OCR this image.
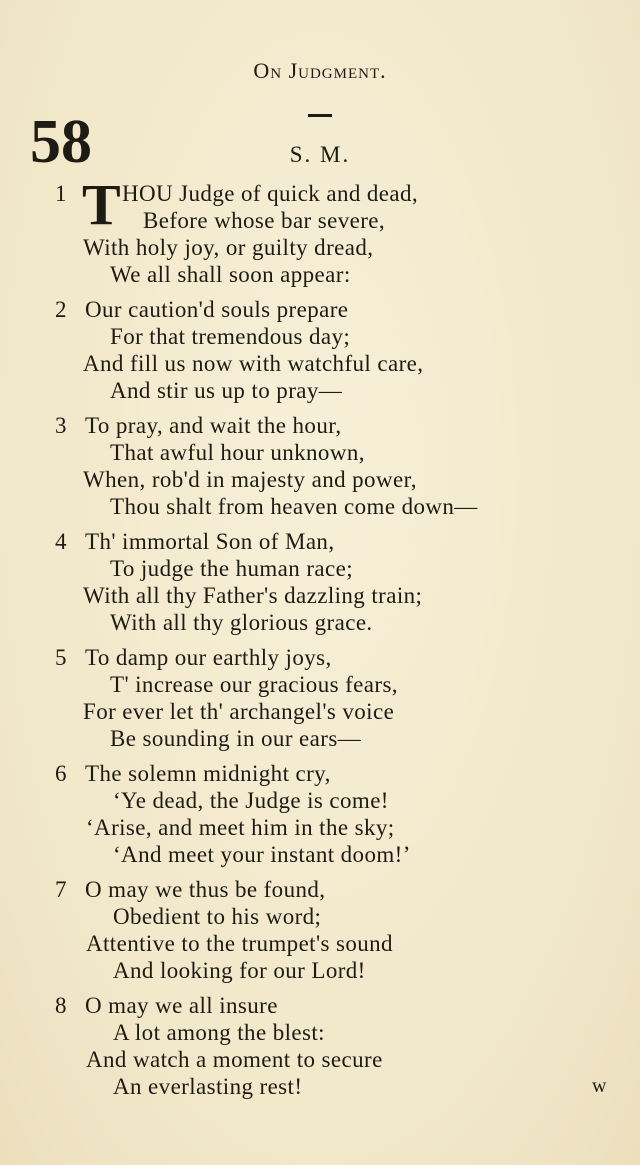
On Judgment.
58	S. M.
T
1 HOU Judge of quick and dead,
Before whose bar severe,
With holy joy, or guilty dread,
We all shall soon appear:
2 Our caution'd souls prepare
For that tremendous day;
And fill us now with watchful care,
And stir us up to pray—
3 To pray, and wait the hour,
That awful hour unknown,
When, rob'd in majesty and power,
Thou shalt from heaven come down—
4 Th' immortal Son of Man,
To judge the human race;
With all thy Father's dazzling train;
With all thy glorious grace.
5 To damp our earthly joys,
T' increase our gracious fears,
For ever let th' archangel's voice
Be sounding in our ears—
6 The solemn midnight cry,
‘Ye dead, the Judge is come!
‘Arise, and meet him in the sky;
‘And meet your instant doom!’
7 O may we thus be found,
Obedient to his word;
Attentive to the trumpet's sound
And looking for our Lord!
8 O may we all insure
A lot among the blest:
And watch a moment to secure
An everlasting rest!	w
